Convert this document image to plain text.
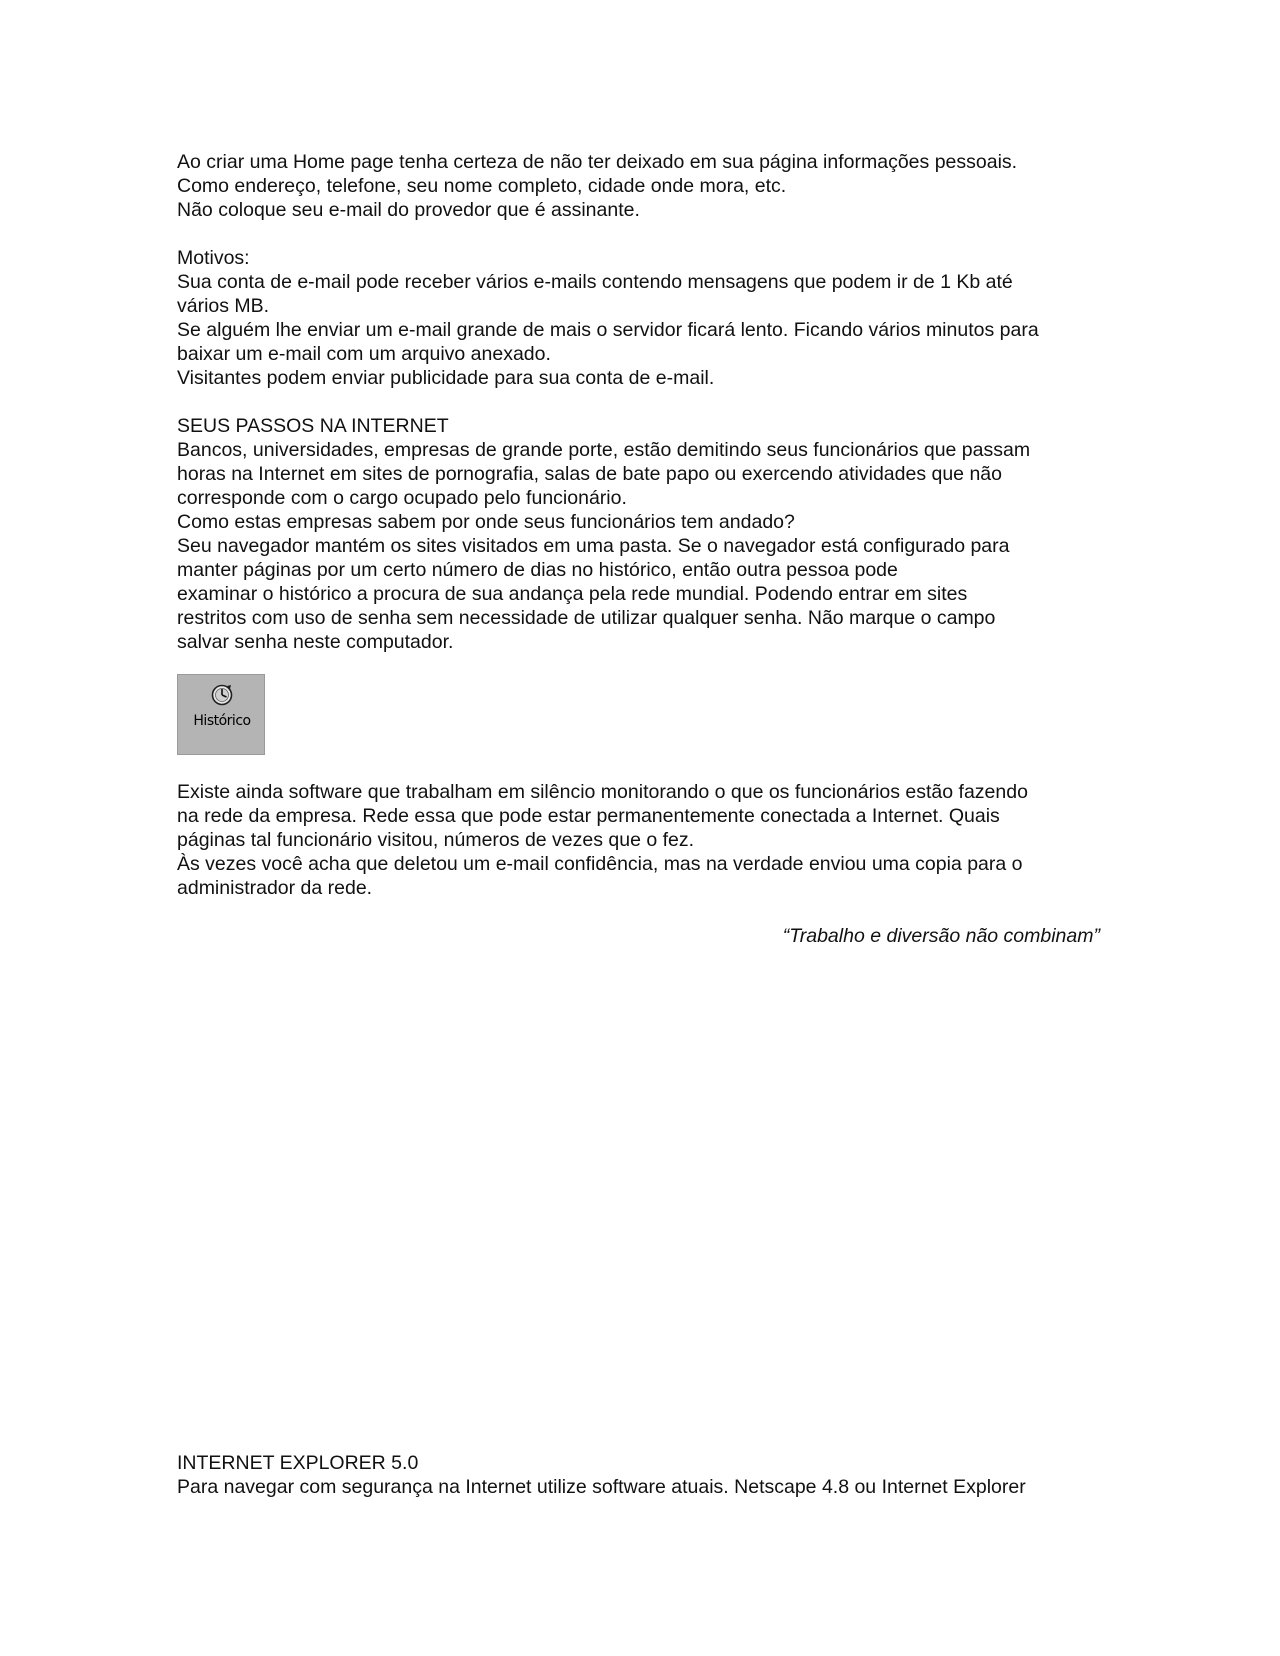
Ao criar uma Home page tenha certeza de não ter deixado em sua página informações pessoais.

Como endereço, telefone, seu nome completo, cidade onde mora, etc.

Não coloque seu e-mail do provedor que é assinante.

Motivos:

Sua conta de e-mail pode receber vários e-mails contendo mensagens que podem ir de 1 Kb até

vários MB.

Se alguém lhe enviar um e-mail grande de mais o servidor ficará lento. Ficando vários minutos para

baixar um e-mail com um arquivo anexado.

Visitantes podem enviar publicidade para sua conta de e-mail.

SEUS PASSOS NA INTERNET

Bancos, universidades, empresas de grande porte, estão demitindo seus funcionários que passam

horas na Internet em sites de pornografia, salas de bate papo ou exercendo atividades que não

corresponde com o cargo ocupado pelo funcionário.

Como estas empresas sabem por onde seus funcionários tem andado?

Seu navegador mantém os sites visitados em uma pasta. Se o navegador está configurado para

manter páginas por um certo número de dias no histórico, então outra pessoa pode

examinar o histórico a procura de sua andança pela rede mundial. Podendo entrar em sites

restritos com uso de senha sem necessidade de utilizar qualquer senha. Não marque o campo

salvar senha neste computador.

Histórico

Existe ainda software que trabalham em silêncio monitorando o que os funcionários estão fazendo

na rede da empresa. Rede essa que pode estar permanentemente conectada a Internet. Quais

páginas tal funcionário visitou, números de vezes que o fez.

Às vezes você acha que deletou um e-mail confidência, mas na verdade enviou uma copia para o

administrador da rede.

“Trabalho e diversão não combinam”

INTERNET EXPLORER 5.0

Para navegar com segurança na Internet utilize software atuais. Netscape 4.8 ou Internet Explorer
